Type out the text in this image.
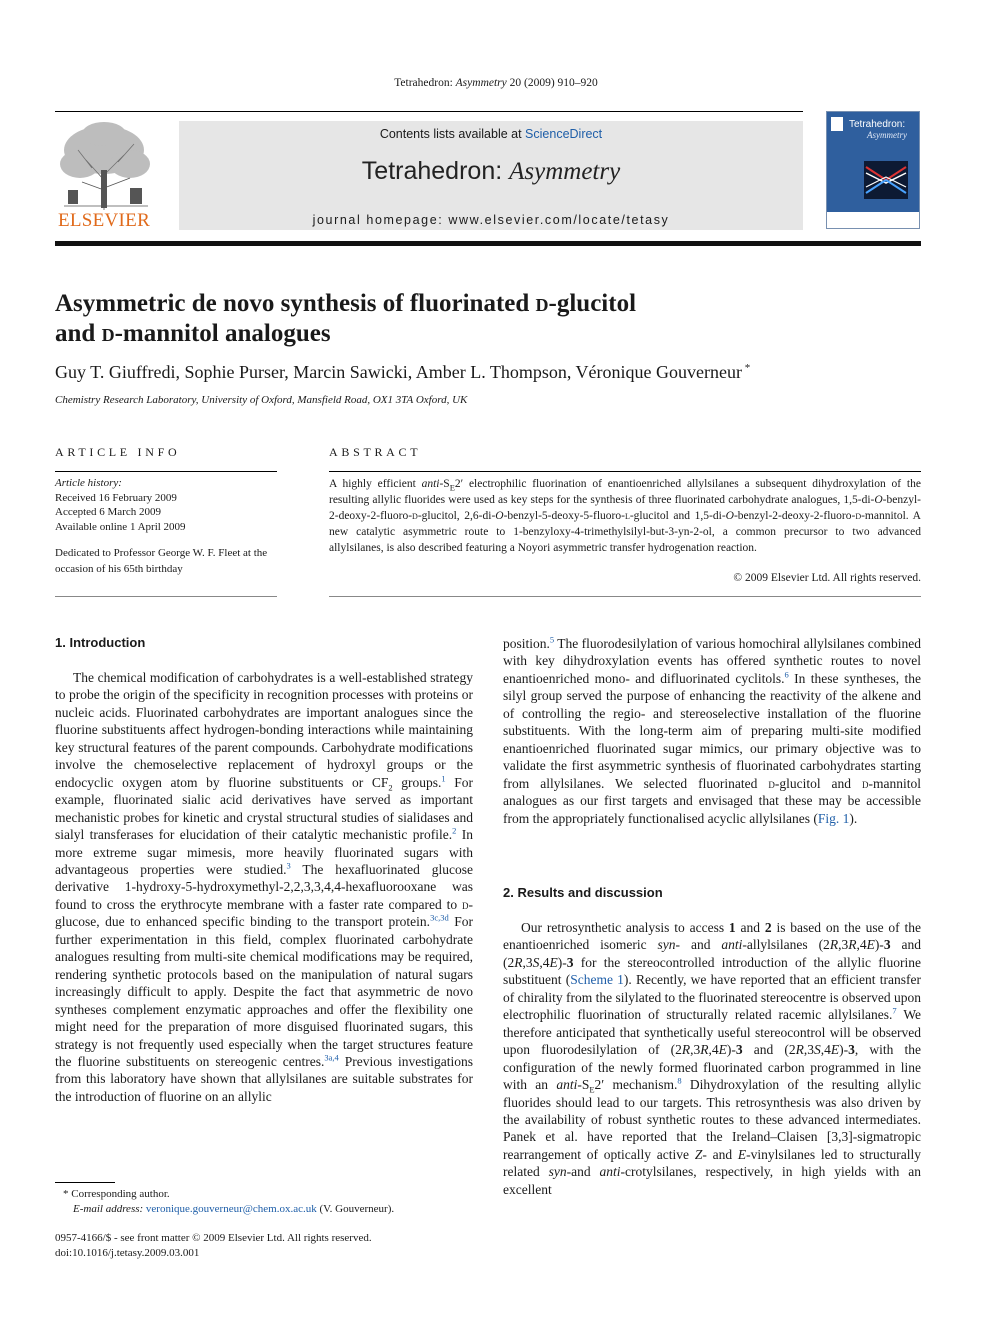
Tetrahedron: Asymmetry 20 (2009) 910–920
ELSEVIER
Contents lists available at ScienceDirect
Tetrahedron: Asymmetry
journal homepage: www.elsevier.com/locate/tetasy
Tetrahedron:
Asymmetry
Asymmetric de novo synthesis of fluorinated d-glucitol
and d-mannitol analogues
Guy T. Giuffredi, Sophie Purser, Marcin Sawicki, Amber L. Thompson, Véronique Gouverneur *
Chemistry Research Laboratory, University of Oxford, Mansfield Road, OX1 3TA Oxford, UK
ARTICLE INFO
Article history:
Received 16 February 2009
Accepted 6 March 2009
Available online 1 April 2009
Dedicated to Professor George W. F. Fleet at the occasion of his 65th birthday
ABSTRACT
A highly efficient anti-$S_E2'$ electrophilic fluorination of enantioenriched allylsilanes a subsequent dihydroxylation of the resulting allylic fluorides were used as key steps for the synthesis of three fluorinated carbohydrate analogues, 1,5-di-O-benzyl-2-deoxy-2-fluoro-d-glucitol, 2,6-di-O-benzyl-5-deoxy-5-fluoro-l-glucitol and 1,5-di-O-benzyl-2-deoxy-2-fluoro-d-mannitol. A new catalytic asymmetric route to 1-benzyloxy-4-trimethylsilyl-but-3-yn-2-ol, a common precursor to two advanced allylsilanes, is also described featuring a Noyori asymmetric transfer hydrogenation reaction.
© 2009 Elsevier Ltd. All rights reserved.
1. Introduction
The chemical modification of carbohydrates is a well-established strategy to probe the origin of the specificity in recognition processes with proteins or nucleic acids. Fluorinated carbohydrates are important analogues since the fluorine substituents affect hydrogen-bonding interactions while maintaining key structural features of the parent compounds. Carbohydrate modifications involve the chemoselective replacement of hydroxyl groups or the endocyclic oxygen atom by fluorine substituents or $CF_2$ groups.$^1$ For example, fluorinated sialic acid derivatives have served as important mechanistic probes for kinetic and crystal structural studies of sialidases and sialyl transferases for elucidation of their catalytic mechanistic profile.$^2$ In more extreme sugar mimesis, more heavily fluorinated sugars with advantageous properties were studied.$^3$ The hexafluorinated glucose derivative 1-hydroxy-5-hydroxymethyl-2,2,3,3,4,4-hexafluorooxane was found to cross the erythrocyte membrane with a faster rate compared to d-glucose, due to enhanced specific binding to the transport protein.$^{3c,3d}$ For further experimentation in this field, complex fluorinated carbohydrate analogues resulting from multi-site chemical modifications may be required, rendering synthetic protocols based on the manipulation of natural sugars increasingly difficult to apply. Despite the fact that asymmetric de novo syntheses complement enzymatic approaches and offer the flexibility one might need for the preparation of more disguised fluorinated sugars, this strategy is not frequently used especially when the target structures feature the fluorine substituents on stereogenic centres.$^{3a,4}$ Previous investigations from this laboratory have shown that allylsilanes are suitable substrates for the introduction of fluorine on an allylic
position.$^5$ The fluorodesilylation of various homochiral allylsilanes combined with key dihydroxylation events has offered synthetic routes to novel enantioenriched mono- and difluorinated cyclitols.$^6$ In these syntheses, the silyl group served the purpose of enhancing the reactivity of the alkene and of controlling the regio- and stereoselective installation of the fluorine substituents. With the long-term aim of preparing multi-site modified enantioenriched fluorinated sugar mimics, our primary objective was to validate the first asymmetric synthesis of fluorinated carbohydrates starting from allylsilanes. We selected fluorinated d-glucitol and d-mannitol analogues as our first targets and envisaged that these may be accessible from the appropriately functionalised acyclic allylsilanes (Fig. 1).
2. Results and discussion
Our retrosynthetic analysis to access 1 and 2 is based on the use of the enantioenriched isomeric syn- and anti-allylsilanes (2R,3R,4E)-3 and (2R,3S,4E)-3 for the stereocontrolled introduction of the allylic fluorine substituent (Scheme 1). Recently, we have reported that an efficient transfer of chirality from the silylated to the fluorinated stereocentre is observed upon electrophilic fluorination of structurally related racemic allylsilanes.$^7$ We therefore anticipated that synthetically useful stereocontrol will be observed upon fluorodesilylation of (2R,3R,4E)-3 and (2R,3S,4E)-3, with the configuration of the newly formed fluorinated carbon programmed in line with an anti-$S_E2'$ mechanism.$^8$ Dihydroxylation of the resulting allylic fluorides should lead to our targets. This retrosynthesis was also driven by the availability of robust synthetic routes to these advanced intermediates. Panek et al. have reported that the Ireland–Claisen [3,3]-sigmatropic rearrangement of optically active Z- and E-vinylsilanes led to structurally related syn-and anti-crotylsilanes, respectively, in high yields with an excellent
* Corresponding author.
E-mail address: veronique.gouverneur@chem.ox.ac.uk (V. Gouverneur).
0957-4166/$ - see front matter © 2009 Elsevier Ltd. All rights reserved.
doi:10.1016/j.tetasy.2009.03.001
